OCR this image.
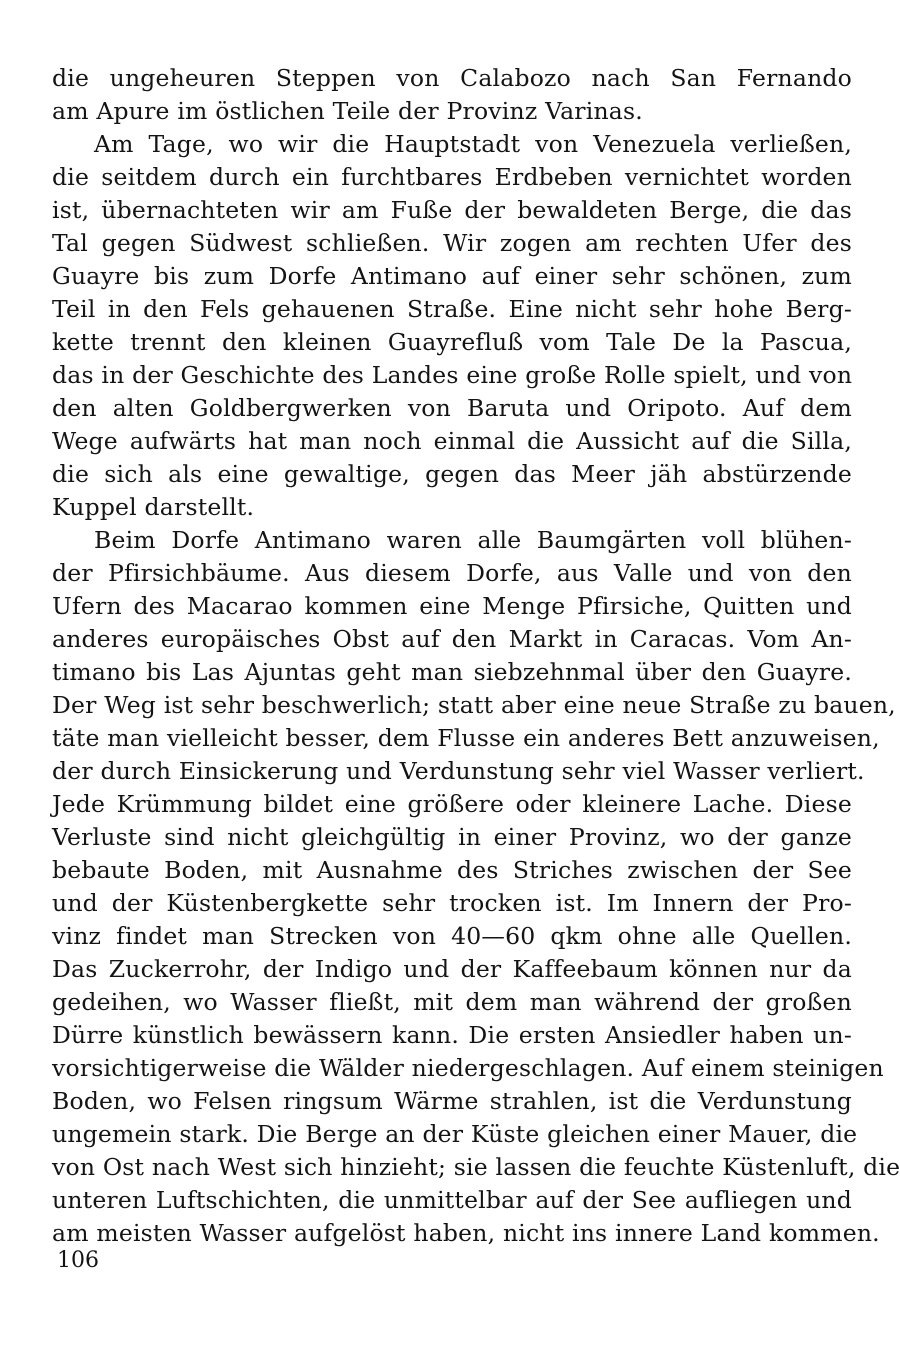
die ungeheuren Steppen von Calabozo nach San Fernando
am Apure im östlichen Teile der Provinz Varinas.
Am Tage, wo wir die Hauptstadt von Venezuela verließen,
die seitdem durch ein furchtbares Erdbeben vernichtet worden
ist, übernachteten wir am Fuße der bewaldeten Berge, die das
Tal gegen Südwest schließen. Wir zogen am rechten Ufer des
Guayre bis zum Dorfe Antimano auf einer sehr schönen, zum
Teil in den Fels gehauenen Straße. Eine nicht sehr hohe Berg-
kette trennt den kleinen Guayrefluß vom Tale De la Pascua,
das in der Geschichte des Landes eine große Rolle spielt, und von
den alten Goldbergwerken von Baruta und Oripoto. Auf dem
Wege aufwärts hat man noch einmal die Aussicht auf die Silla,
die sich als eine gewaltige, gegen das Meer jäh abstürzende
Kuppel darstellt.
Beim Dorfe Antimano waren alle Baumgärten voll blühen-
der Pfirsichbäume. Aus diesem Dorfe, aus Valle und von den
Ufern des Macarao kommen eine Menge Pfirsiche, Quitten und
anderes europäisches Obst auf den Markt in Caracas. Vom An-
timano bis Las Ajuntas geht man siebzehnmal über den Guayre.
Der Weg ist sehr beschwerlich; statt aber eine neue Straße zu bauen,
täte man vielleicht besser, dem Flusse ein anderes Bett anzuweisen,
der durch Einsickerung und Verdunstung sehr viel Wasser verliert.
Jede Krümmung bildet eine größere oder kleinere Lache. Diese
Verluste sind nicht gleichgültig in einer Provinz, wo der ganze
bebaute Boden, mit Ausnahme des Striches zwischen der See
und der Küstenbergkette sehr trocken ist. Im Innern der Pro-
vinz findet man Strecken von 40—60 qkm ohne alle Quellen.
Das Zuckerrohr, der Indigo und der Kaffeebaum können nur da
gedeihen, wo Wasser fließt, mit dem man während der großen
Dürre künstlich bewässern kann. Die ersten Ansiedler haben un-
vorsichtigerweise die Wälder niedergeschlagen. Auf einem steinigen
Boden, wo Felsen ringsum Wärme strahlen, ist die Verdunstung
ungemein stark. Die Berge an der Küste gleichen einer Mauer, die
von Ost nach West sich hinzieht; sie lassen die feuchte Küstenluft, die
unteren Luftschichten, die unmittelbar auf der See aufliegen und
am meisten Wasser aufgelöst haben, nicht ins innere Land kommen.
106
